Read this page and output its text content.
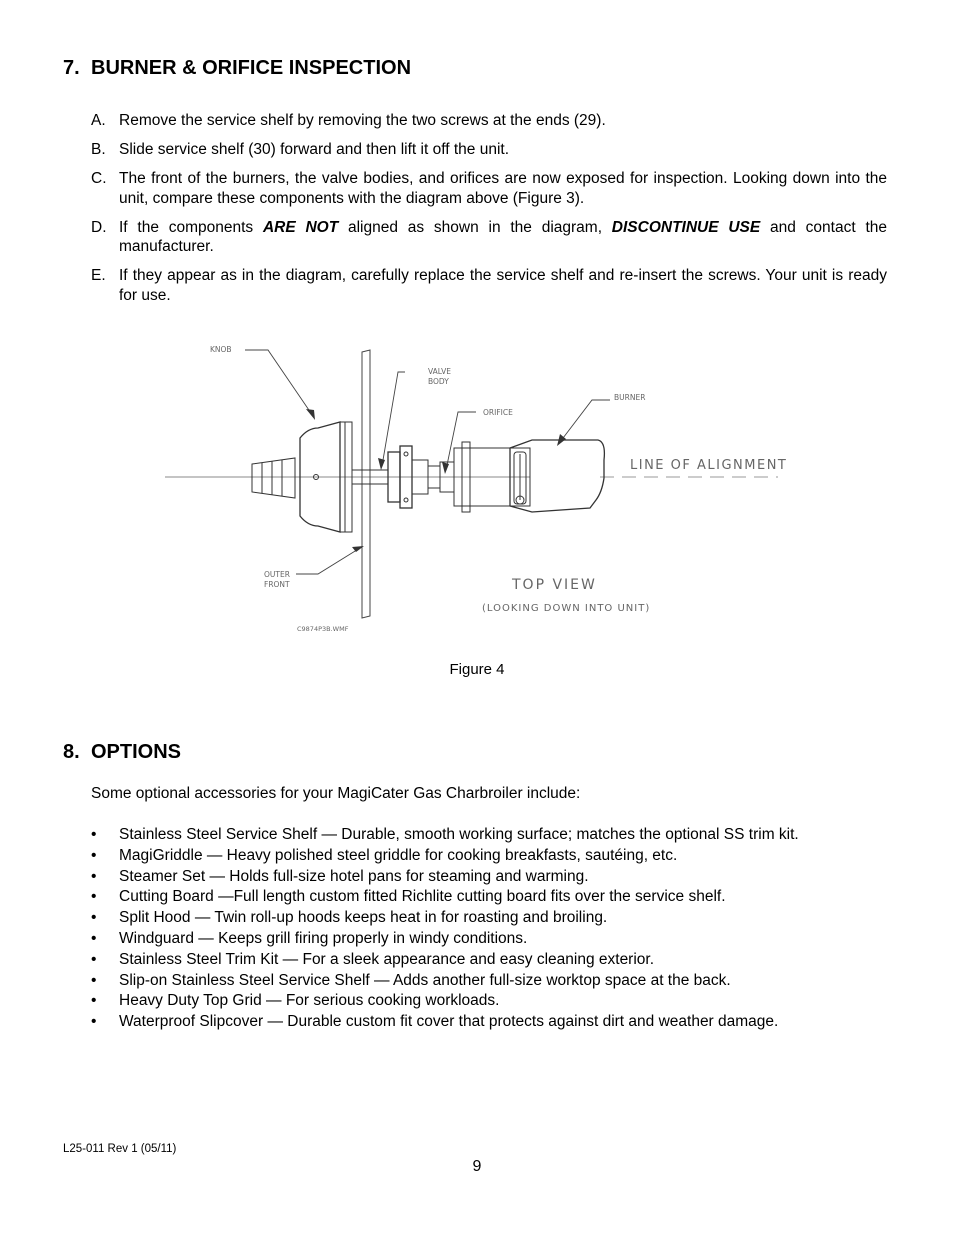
7. BURNER & ORIFICE INSPECTION
A. Remove the service shelf by removing the two screws at the ends (29).
B. Slide service shelf (30) forward and then lift it off the unit.
C. The front of the burners, the valve bodies, and orifices are now exposed for inspection. Looking down into the unit, compare these components with the diagram above (Figure 3).
D. If the components ARE NOT aligned as shown in the diagram, DISCONTINUE USE and contact the manufacturer.
E. If they appear as in the diagram, carefully replace the service shelf and re-insert the screws. Your unit is ready for use.
KNOB
VALVE
BODY
ORIFICE
BURNER
LINE OF ALIGNMENT
OUTER
FRONT	TOP VIEW
(LOOKING DOWN INTO UNIT)
C9874P3B.WMF
Figure 4
8. OPTIONS
Some optional accessories for your MagiCater Gas Charbroiler include:
• Stainless Steel Service Shelf — Durable, smooth working surface; matches the optional SS trim kit.
• MagiGriddle — Heavy polished steel griddle for cooking breakfasts, sautéing, etc.
• Steamer Set — Holds full-size hotel pans for steaming and warming.
• Cutting Board —Full length custom fitted Richlite cutting board fits over the service shelf.
• Split Hood — Twin roll-up hoods keeps heat in for roasting and broiling.
• Windguard — Keeps grill firing properly in windy conditions.
• Stainless Steel Trim Kit — For a sleek appearance and easy cleaning exterior.
• Slip-on Stainless Steel Service Shelf — Adds another full-size worktop space at the back.
• Heavy Duty Top Grid — For serious cooking workloads.
• Waterproof Slipcover — Durable custom fit cover that protects against dirt and weather damage.
L25-011 Rev 1 (05/11)
9
